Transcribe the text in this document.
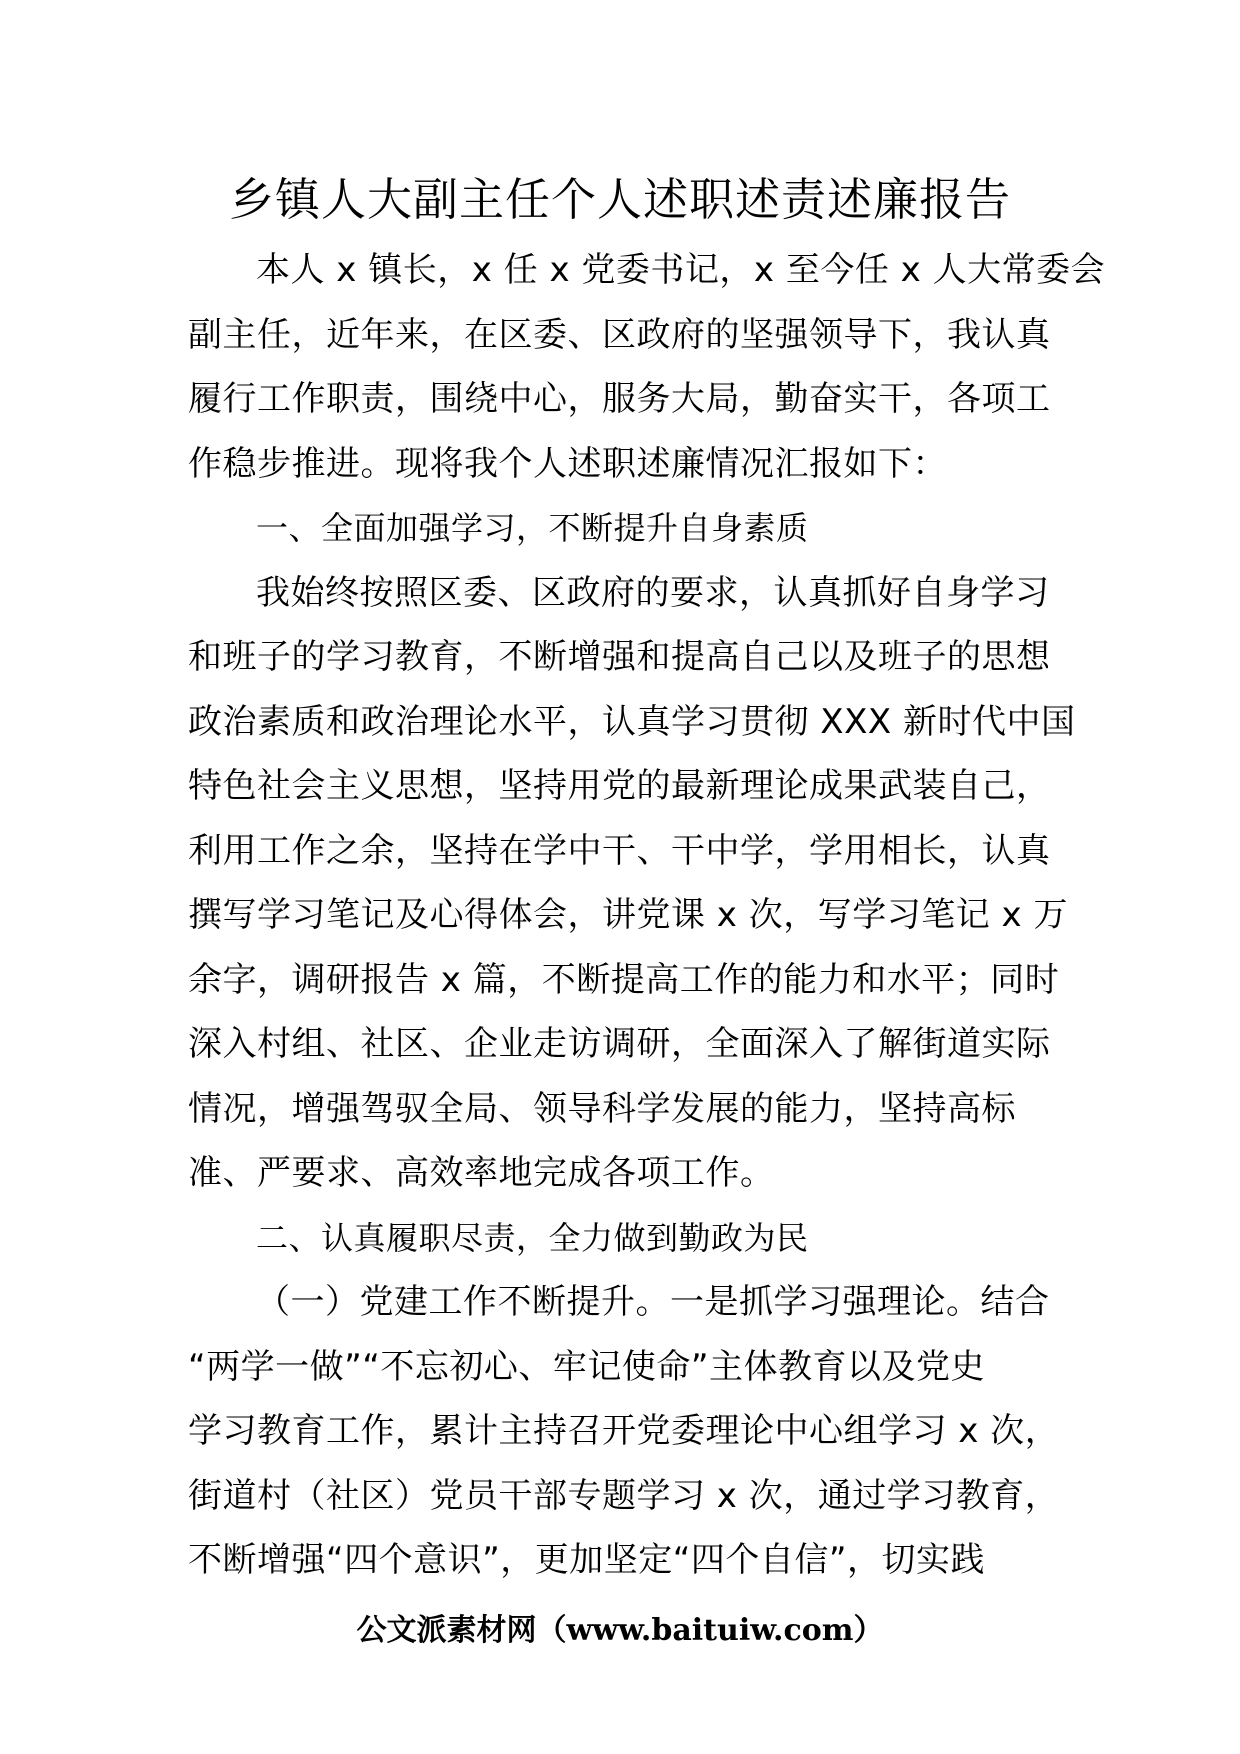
乡镇人大副主任个人述职述责述廉报告
本人 x 镇长，x 任 x 党委书记，x 至今任 x 人大常委会
副主任，近年来，在区委、区政府的坚强领导下，我认真
履行工作职责，围绕中心，服务大局，勤奋实干，各项工
作稳步推进。现将我个人述职述廉情况汇报如下：
一、全面加强学习，不断提升自身素质
我始终按照区委、区政府的要求，认真抓好自身学习
和班子的学习教育，不断增强和提高自己以及班子的思想
政治素质和政治理论水平，认真学习贯彻 XXX 新时代中国
特色社会主义思想，坚持用党的最新理论成果武装自己，
利用工作之余，坚持在学中干、干中学，学用相长，认真
撰写学习笔记及心得体会，讲党课 x 次，写学习笔记 x 万
余字，调研报告 x 篇，不断提高工作的能力和水平；同时
深入村组、社区、企业走访调研，全面深入了解街道实际
情况，增强驾驭全局、领导科学发展的能力，坚持高标
准、严要求、高效率地完成各项工作。
二、认真履职尽责，全力做到勤政为民
（一）党建工作不断提升。一是抓学习强理论。结合
“两学一做”“不忘初心、牢记使命”主体教育以及党史
学习教育工作，累计主持召开党委理论中心组学习 x 次，
街道村（社区）党员干部专题学习 x 次，通过学习教育，
不断增强“四个意识”，更加坚定“四个自信”，切实践
公文派素材网（www.baituiw.com）
